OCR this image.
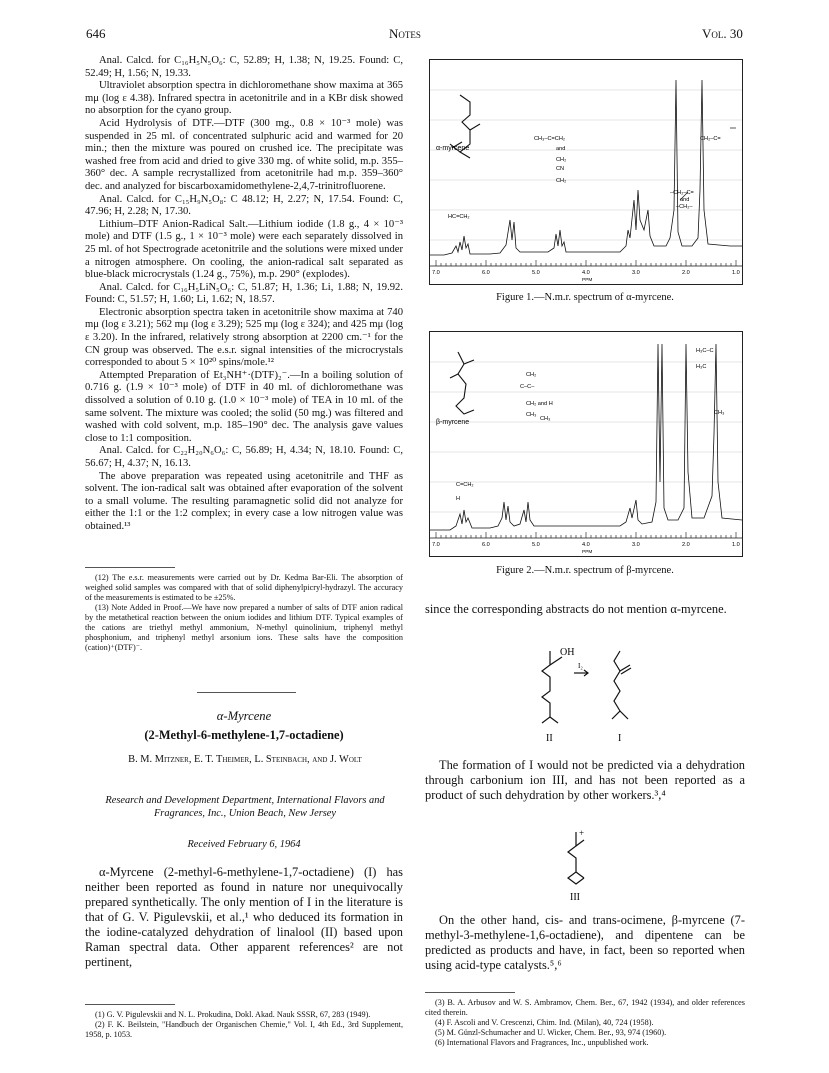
646	Notes	Vol. 30

Anal. Calcd. for C₁₆H₅N₅O₆: C, 52.89; H, 1.38; N, 19.25. Found: C, 52.49; H, 1.56; N, 19.33.

Ultraviolet absorption spectra in dichloromethane show maxima at 365 mμ (log ε 4.38). Infrared spectra in acetonitrile and in a KBr disk showed no absorption for the cyano group.

Acid Hydrolysis of DTF.—DTF (300 mg., 0.8 × 10⁻³ mole) was suspended in 25 ml. of concentrated sulphuric acid and warmed for 20 min.; then the mixture was poured on crushed ice. The precipitate was washed free from acid and dried to give 330 mg. of white solid, m.p. 355–360° dec. A sample recrystallized from acetonitrile had m.p. 359–360° dec. and analyzed for biscarboxamidomethylene-2,4,7-trinitrofluorene.

Anal. Calcd. for C₁₅H₉N₅O₈: C 48.12; H, 2.27; N, 17.54. Found: C, 47.96; H, 2.28; N, 17.30.

Lithium–DTF Anion-Radical Salt.—Lithium iodide (1.8 g., 4 × 10⁻³ mole) and DTF (1.5 g., 1 × 10⁻³ mole) were each separately dissolved in 25 ml. of hot Spectrograde acetonitrile and the solutions were mixed under a nitrogen atmosphere. On cooling, the anion-radical salt separated as blue-black microcrystals (1.24 g., 75%), m.p. 290° (explodes).

Anal. Calcd. for C₁₆H₅LiN₅O₆: C, 51.87; H, 1.36; Li, 1.88; N, 19.92. Found: C, 51.57; H, 1.60; Li, 1.62; N, 18.57.

Electronic absorption spectra taken in acetonitrile show maxima at 740 mμ (log ε 3.21); 562 mμ (log ε 3.29); 525 mμ (log ε 324); and 425 mμ (log ε 3.20). In the infrared, relatively strong absorption at 2200 cm.⁻¹ for the CN group was observed. The e.s.r. signal intensities of the microcrystals corresponded to about 5 × 10²⁰ spins/mole.¹²

Attempted Preparation of Et₃NH⁺·(DTF)₂⁻.—In a boiling solution of 0.716 g. (1.9 × 10⁻³ mole) of DTF in 40 ml. of dichloromethane was dissolved a solution of 0.10 g. (1.0 × 10⁻³ mole) of TEA in 10 ml. of the same solvent. The mixture was cooled; the solid (50 mg.) was filtered and washed with cold solvent, m.p. 185–190° dec. The analysis gave values close to 1:1 composition.

Anal. Calcd. for C₂₂H₂₀N₆O₆: C, 56.89; H, 4.34; N, 18.10. Found: C, 56.67; H, 4.37; N, 16.13.

The above preparation was repeated using acetonitrile and THF as solvent. The ion-radical salt was obtained after evaporation of the solvent to a small volume. The resulting paramagnetic solid did not analyze for either the 1:1 or the 1:2 complex; in every case a low nitrogen value was obtained.¹³

(12) The e.s.r. measurements were carried out by Dr. Kedma Bar-Eli. The absorption of weighed solid samples was compared with that of solid diphenylpicryl-hydrazyl. The accuracy of the measurements is estimated to be ±25%.

(13) Note Added in Proof.—We have now prepared a number of salts of DTF anion radical by the metathetical reaction between the onium iodides and lithium DTF. Typical examples of the cations are triethyl methyl ammonium, N-methyl quinolinium, triphenyl methyl phosphonium, and triphenyl methyl arsonium ions. These salts have the composition (cation)⁺(DTF)⁻.

α-Myrcene
(2-Methyl-6-methylene-1,7-octadiene)
B. M. Mitzner, E. T. Theimer, L. Steinbach, and J. Wolt
Research and Development Department, International Flavors and Fragrances, Inc., Union Beach, New Jersey
Received February 6, 1964

α-Myrcene (2-methyl-6-methylene-1,7-octadiene) (I) has neither been reported as found in nature nor unequivocally prepared synthetically. The only mention of I in the literature is that of G. V. Pigulevskii, et al.,¹ who deduced its formation in the iodine-catalyzed dehydration of linalool (II) based upon Raman spectral data. Other apparent references² are not pertinent,

(1) G. V. Pigulevskii and N. L. Prokudina, Dokl. Akad. Nauk SSSR, 67, 283 (1949).

(2) F. K. Beilstein, "Handbuch der Organischen Chemie," Vol. I, 4th Ed., 3rd Supplement, 1958, p. 1053.

α-myrcene
CH₃–C=CH₂
and
CH₂
CN
CH₂
CH₂–C=
–CH₂–C=
and
–CH₂–
HC=CH₂
7.0	6.0	5.0	4.0	3.0	2.0	1.0
PPM
Figure 1.—N.m.r. spectrum of α-myrcene.
β-myrcene
H₃C–C
H₃C
CH₂
C–C–
CH₂ and H
CH₃
CH₃
C=CH₂
H
CH₃
7.0	6.0	5.0	4.0	3.0	2.0	1.0
PPM
Figure 2.—N.m.r. spectrum of β-myrcene.

since the corresponding abstracts do not mention α-myrcene.

OH
I₂
II	I

The formation of I would not be predicted via a dehydration through carbonium ion III, and has not been reported as a product of such dehydration by other workers.³,⁴

+
III

On the other hand, cis- and trans-ocimene, β-myrcene (7-methyl-3-methylene-1,6-octadiene), and dipentene can be predicted as products and have, in fact, been so reported when using acid-type catalysts.⁵,⁶

(3) B. A. Arbusov and W. S. Ambramov, Chem. Ber., 67, 1942 (1934), and older references cited therein.

(4) F. Ascoli and V. Crescenzi, Chim. Ind. (Milan), 40, 724 (1958).

(5) M. Günzl-Schumacher and U. Wicker, Chem. Ber., 93, 974 (1960).

(6) International Flavors and Fragrances, Inc., unpublished work.
